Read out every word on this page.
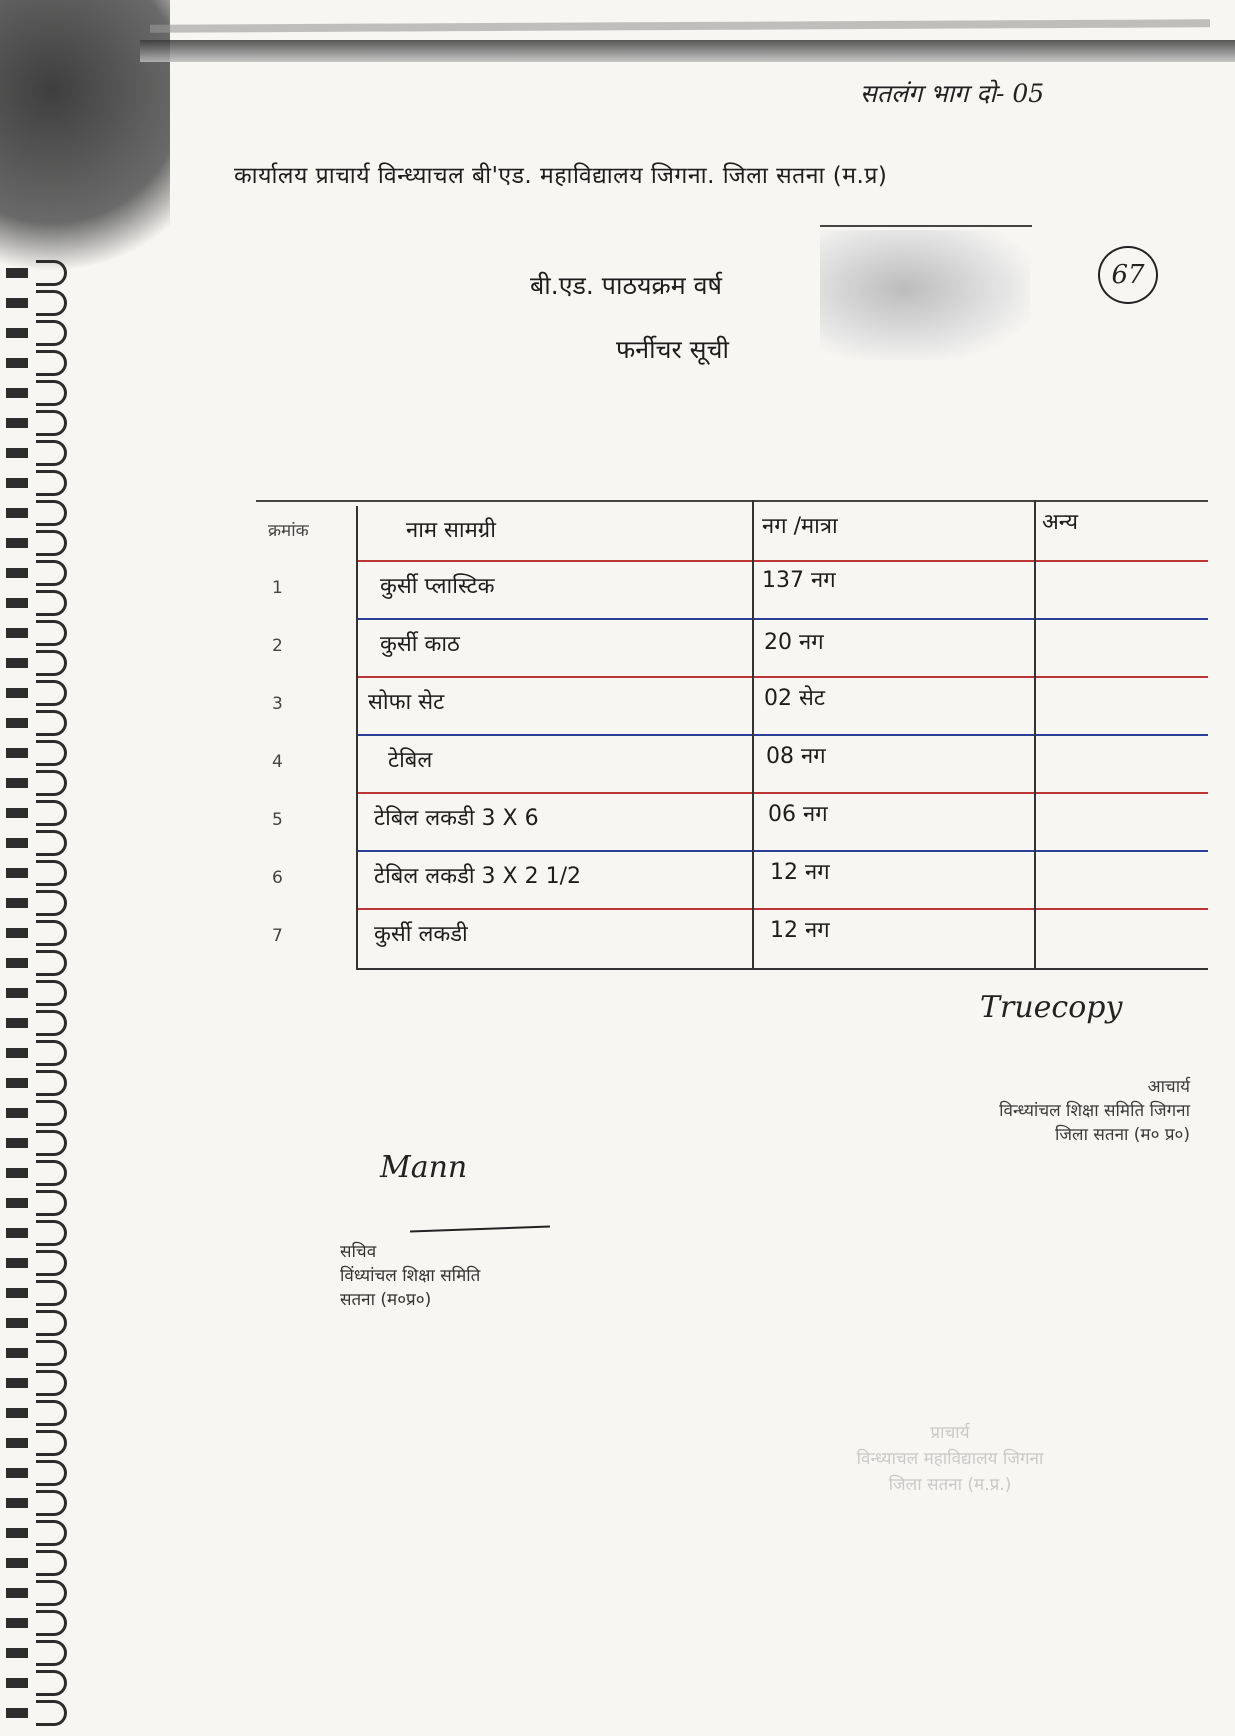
सतलंग भाग दो- 05
कार्यालय प्राचार्य विन्ध्याचल बी'एड. महाविद्यालय जिगना. जिला सतना (म.प्र)
67
बी.एड. पाठयक्रम वर्ष
फर्नीचर सूची
क्रमांक	नाम सामग्री	नग /मात्रा	अन्य
1	कुर्सी प्लास्टिक	137 नग
2	कुर्सी काठ	20 नग
3	सोफा सेट	02 सेट
4	टेबिल	08 नग
5	टेबिल लकडी 3 X 6	06 नग
6	टेबिल लकडी 3 X 2 1/2	12 नग
7	कुर्सी लकडी	12 नग
Truecopy
आचार्य
विन्ध्यांचल शिक्षा समिति जिगना
जिला सतना (म० प्र०)
Mann
सचिव
विंध्यांचल शिक्षा समिति
सतना (म०प्र०)
प्राचार्य
विन्ध्याचल महाविद्यालय जिगना
जिला सतना (म.प्र.)
